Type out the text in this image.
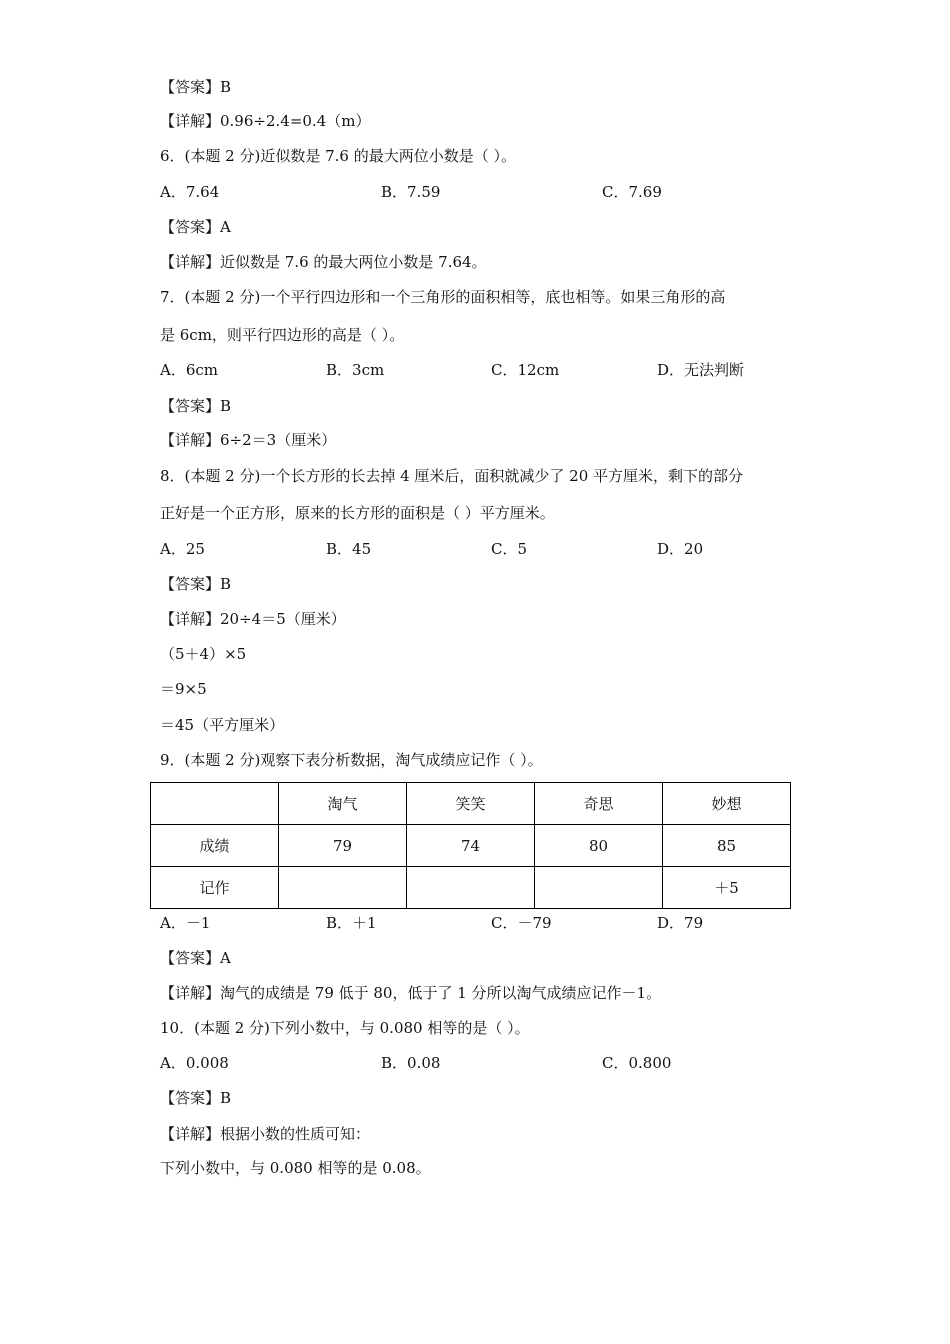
【答案】B
【详解】0.96÷2.4=0.4（m）
6．(本题 2 分)近似数是 7.6 的最大两位小数是（ ）。
【答案】A
【详解】近似数是 7.6 的最大两位小数是 7.64。
7．(本题 2 分)一个平行四边形和一个三角形的面积相等，底也相等。如果三角形的高
是 6cm，则平行四边形的高是（ ）。
【答案】B
【详解】6÷2＝3（厘米）
8．(本题 2 分)一个长方形的长去掉 4 厘米后，面积就减少了 20 平方厘米，剩下的部分
正好是一个正方形，原来的长方形的面积是（ ）平方厘米。
【答案】B
【详解】20÷4＝5（厘米）
（5＋4）×5
＝9×5
＝45（平方厘米）
9．(本题 2 分)观察下表分析数据，淘气成绩应记作（ ）。
【答案】A
【详解】淘气的成绩是 79 低于 80，低于了 1 分所以淘气成绩应记作－1。
10．(本题 2 分)下列小数中，与 0.080 相等的是（ ）。
【答案】B
【详解】根据小数的性质可知：
下列小数中，与 0.080 相等的是 0.08。
A．7.64	B．7.59	C．7.69
A．6cm	B．3cm	C．12cm	D．无法判断
A．25	B．45	C．5	D．20
A．－1	B．＋1	C．－79	D．79
A．0.008	B．0.08	C．0.800
	淘气	笑笑	奇思	妙想
成绩	79	74	80	85
记作				＋5
